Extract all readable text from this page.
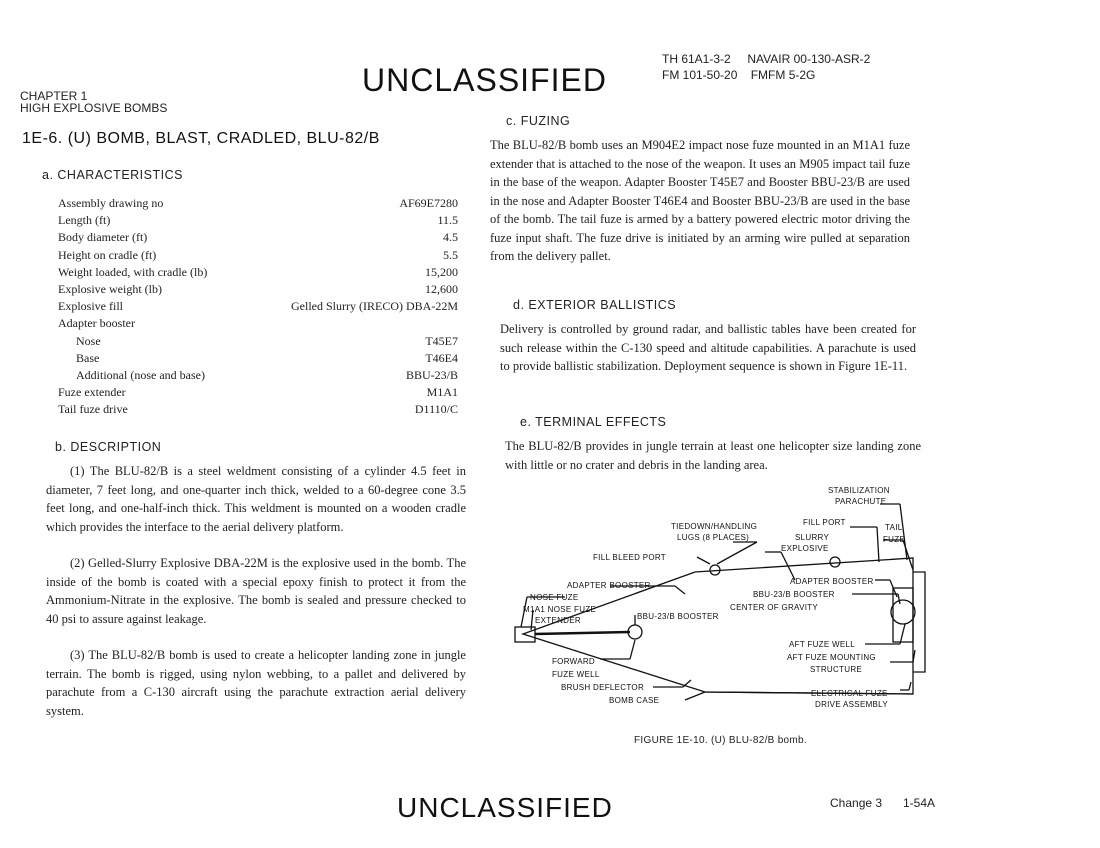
CHAPTER 1
HIGH EXPLOSIVE BOMBS
UNCLASSIFIED
TH 61A1-3-2     NAVAIR 00-130-ASR-2
FM 101-50-20    FMFM 5-2G
1E-6. (U) BOMB, BLAST, CRADLED, BLU-82/B
a. CHARACTERISTICS
Assembly drawing no	AF69E7280
Length (ft)	11.5
Body diameter (ft)	4.5
Height on cradle (ft)	5.5
Weight loaded, with cradle (lb)	15,200
Explosive weight (lb)	12,600
Explosive fill	Gelled Slurry (IRECO) DBA-22M
Adapter booster
Nose	T45E7
Base	T46E4
Additional (nose and base)	BBU-23/B
Fuze extender	M1A1
Tail fuze drive	D1110/C
b. DESCRIPTION

(1) The BLU-82/B is a steel weldment consisting of a cylinder 4.5 feet in diameter, 7 feet long, and one-quarter inch thick, welded to a 60-degree cone 3.5 feet long, and one-half-inch thick. This weldment is mounted on a wooden cradle which provides the interface to the aerial delivery platform.

(2) Gelled-Slurry Explosive DBA-22M is the explosive used in the bomb. The inside of the bomb is coated with a special epoxy finish to protect it from the Ammonium-Nitrate in the explosive. The bomb is sealed and pressure checked to 40 psi to assure against leakage.

(3) The BLU-82/B bomb is used to create a helicopter landing zone in jungle terrain. The bomb is rigged, using nylon webbing, to a pallet and delivered by parachute from a C-130 aircraft using the parachute extraction aerial delivery system.

c. FUZING
The BLU-82/B bomb uses an M904E2 impact nose fuze mounted in an M1A1 fuze extender that is attached to the nose of the weapon. It uses an M905 impact tail fuze in the base of the weapon. Adapter Booster T45E7 and Booster BBU-23/B are used in the nose and Adapter Booster T46E4 and Booster BBU-23/B are used in the base of the bomb. The tail fuze is armed by a battery powered electric motor driving the fuze input shaft. The fuze drive is initiated by an arming wire pulled at separation from the delivery pallet.
d. EXTERIOR BALLISTICS
Delivery is controlled by ground radar, and ballistic tables have been created for such release within the C-130 speed and altitude capabilities. A parachute is used to provide ballistic stabilization. Deployment sequence is shown in Figure 1E-11.
e. TERMINAL EFFECTS
The BLU-82/B provides in jungle terrain at least one helicopter size landing zone with little or no crater and debris in the landing area.
STABILIZATION
PARACHUTE
FILL PORT
TAIL
FUZE
TIEDOWN/HANDLING
LUGS (8 PLACES)	SLURRY
EXPLOSIVE
FILL BLEED PORT
ADAPTER BOOSTER	ADAPTER BOOSTER
NOSE FUZE	BBU-23/B BOOSTER
M1A1 NOSE FUZE
EXTENDER	BBU-23/B BOOSTER
CENTER OF GRAVITY
AFT FUZE WELL
AFT FUZE MOUNTING
STRUCTURE
FORWARD
FUZE WELL
BRUSH DEFLECTOR
BOMB CASE
ELECTRICAL FUZE
DRIVE ASSEMBLY
FIGURE 1E-10. (U) BLU-82/B bomb.
UNCLASSIFIED	Change 3 1-54A
